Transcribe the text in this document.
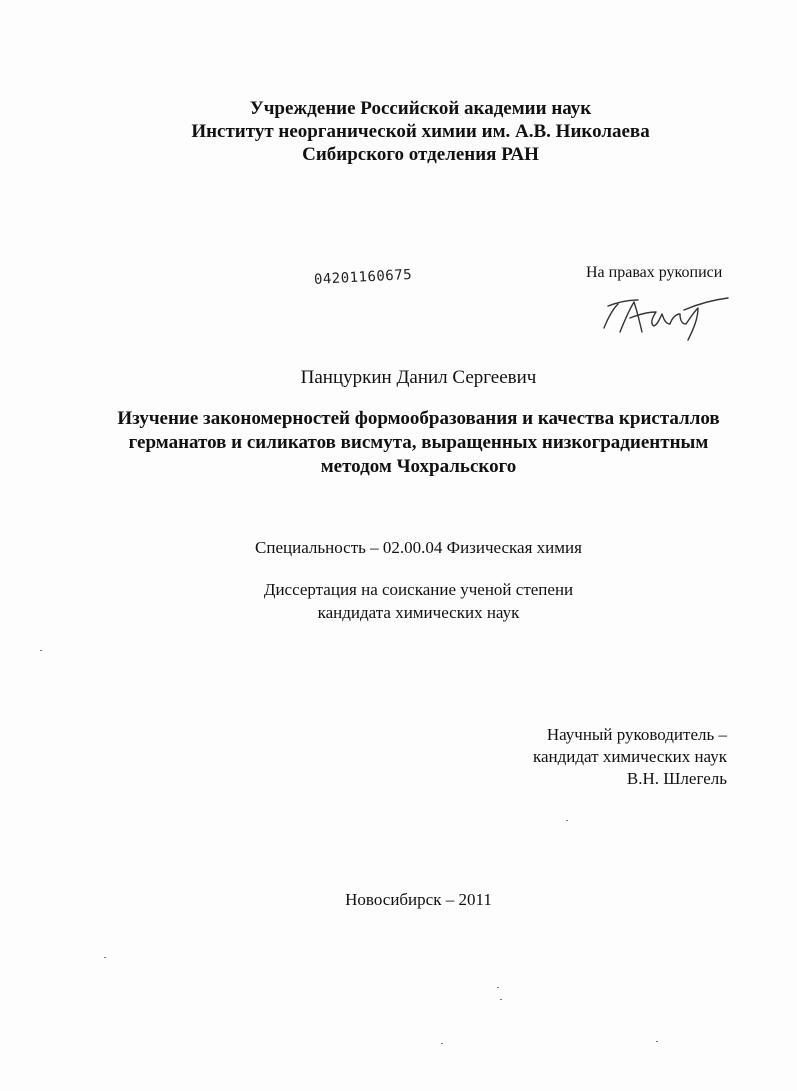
Учреждение Российской академии наук
Институт неорганической химии им. А.В. Николаева
Сибирского отделения РАН
04201160675	На правах рукописи
Панцуркин Данил Сергеевич
Изучение закономерностей формообразования и качества кристаллов
германатов и силикатов висмута, выращенных низкоградиентным
методом Чохральского
Специальность – 02.00.04 Физическая химия
Диссертация на соискание ученой степени
кандидата химических наук
Научный руководитель –
кандидат химических наук
В.Н. Шлегель
Новосибирск – 2011
